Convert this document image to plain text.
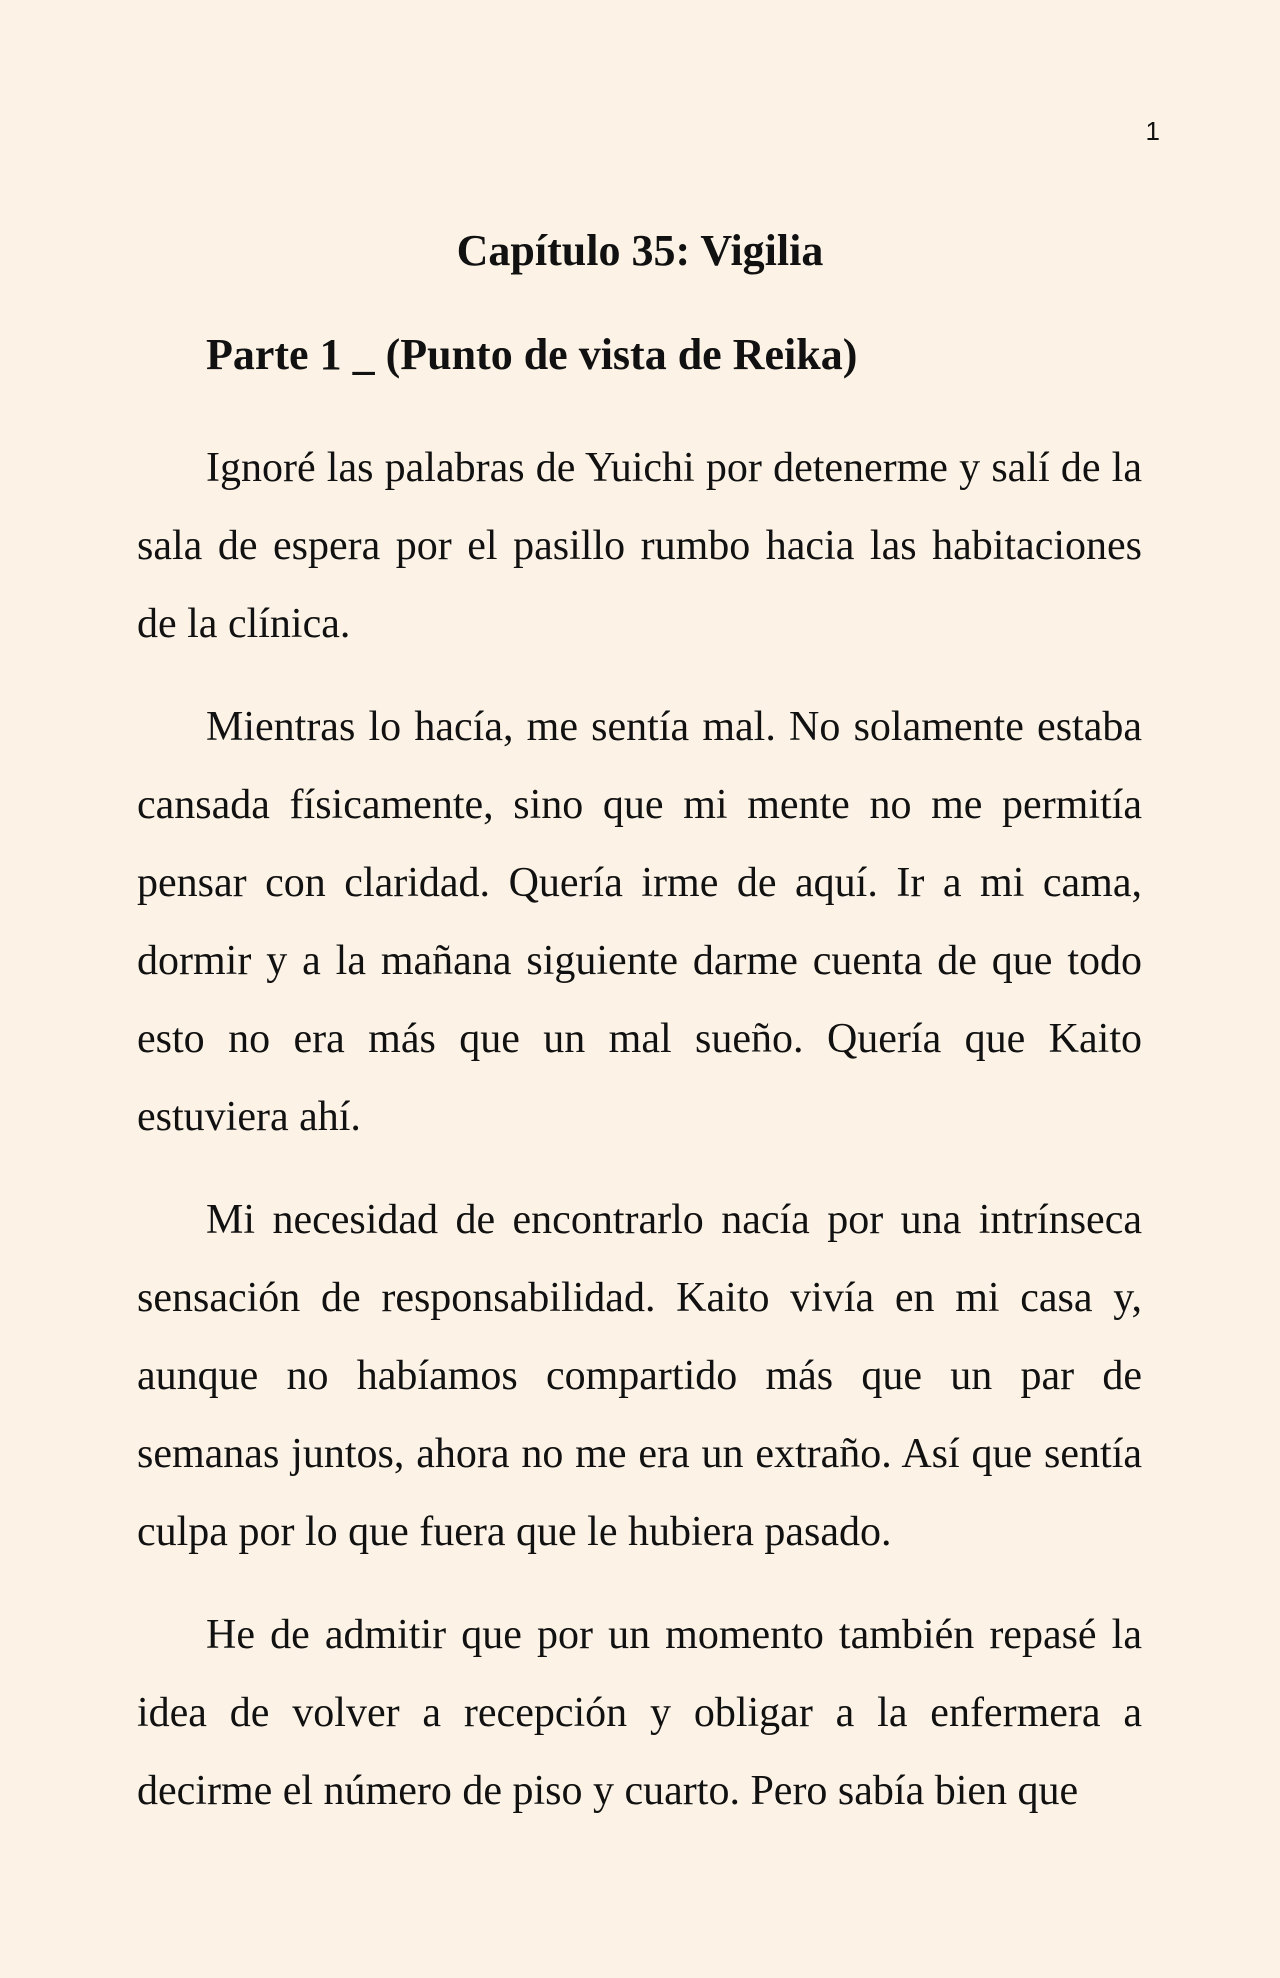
1
Capítulo 35: Vigilia
Parte 1 _ (Punto de vista de Reika)

Ignoré las palabras de Yuichi por detenerme y salí de la sala de espera por el pasillo rumbo hacia las habitaciones de la clínica.

Mientras lo hacía, me sentía mal. No solamente estaba cansada físicamente, sino que mi mente no me permitía pensar con claridad. Quería irme de aquí. Ir a mi cama, dormir y a la mañana siguiente darme cuenta de que todo esto no era más que un mal sueño. Quería que Kaito estuviera ahí.

Mi necesidad de encontrarlo nacía por una intrínseca sensación de responsabilidad. Kaito vivía en mi casa y, aunque no habíamos compartido más que un par de semanas juntos, ahora no me era un extraño. Así que sentía culpa por lo que fuera que le hubiera pasado.

He de admitir que por un momento también repasé la idea de volver a recepción y obligar a la enfermera a decirme el número de piso y cuarto. Pero sabía bien que
